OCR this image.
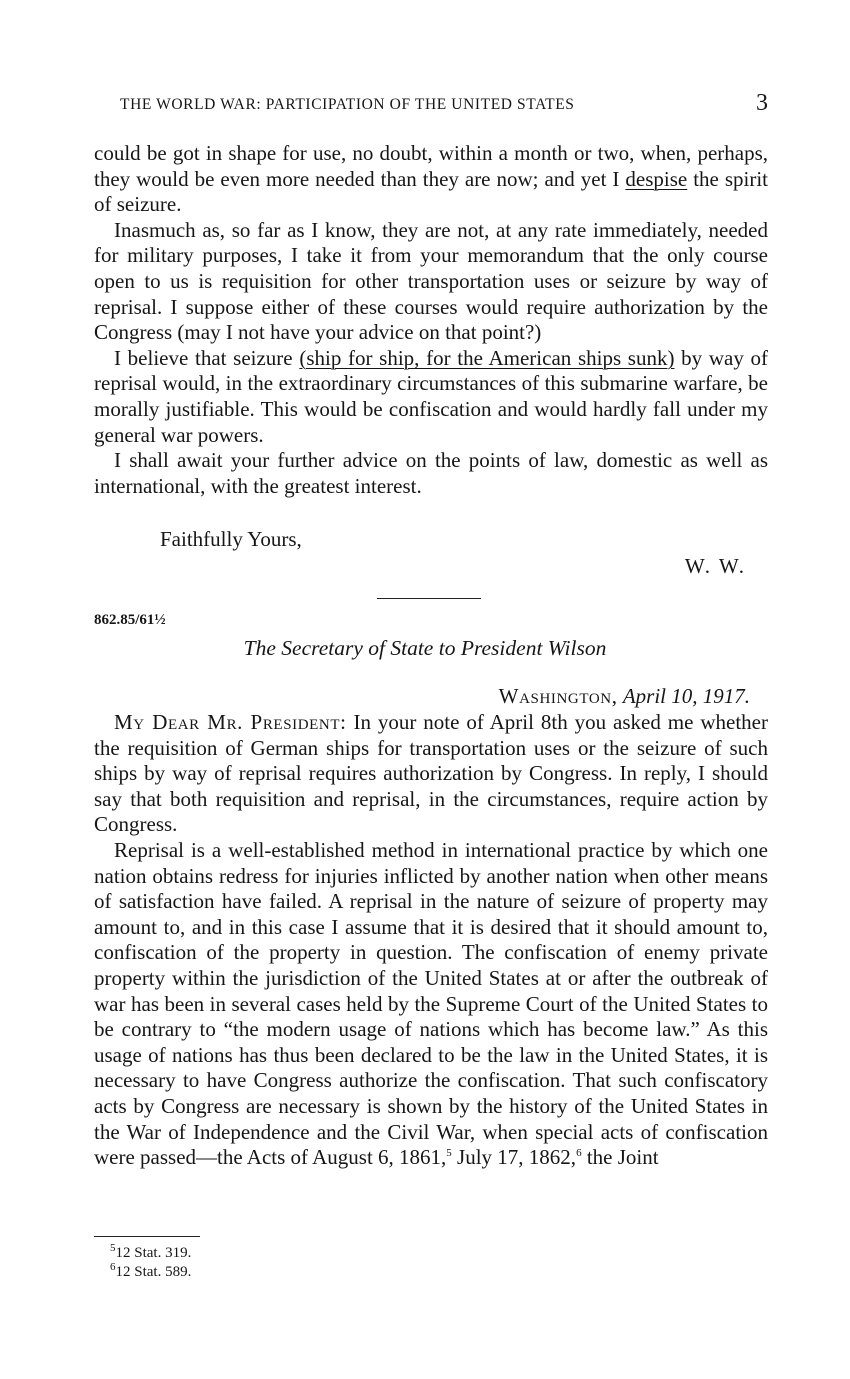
THE WORLD WAR: PARTICIPATION OF THE UNITED STATES	3

could be got in shape for use, no doubt, within a month or two, when, perhaps, they would be even more needed than they are now; and yet I despise the spirit of seizure.

Inasmuch as, so far as I know, they are not, at any rate immediately, needed for military purposes, I take it from your memorandum that the only course open to us is requisition for other transportation uses or seizure by way of reprisal. I suppose either of these courses would require authorization by the Congress (may I not have your advice on that point?)

I believe that seizure (ship for ship, for the American ships sunk) by way of reprisal would, in the extraordinary circumstances of this submarine warfare, be morally justifiable. This would be confiscation and would hardly fall under my general war powers.

I shall await your further advice on the points of law, domestic as well as international, with the greatest interest.

Faithfully Yours,
W. W.
862.85/61½
The Secretary of State to President Wilson
Washington, April 10, 1917.

My Dear Mr. President: In your note of April 8th you asked me whether the requisition of German ships for transportation uses or the seizure of such ships by way of reprisal requires authorization by Congress. In reply, I should say that both requisition and reprisal, in the circumstances, require action by Congress.

Reprisal is a well-established method in international practice by which one nation obtains redress for injuries inflicted by another nation when other means of satisfaction have failed. A reprisal in the nature of seizure of property may amount to, and in this case I assume that it is desired that it should amount to, confiscation of the property in question. The confiscation of enemy private property within the jurisdiction of the United States at or after the outbreak of war has been in several cases held by the Supreme Court of the United States to be contrary to “the modern usage of nations which has become law.” As this usage of nations has thus been declared to be the law in the United States, it is necessary to have Congress authorize the confiscation. That such confiscatory acts by Congress are necessary is shown by the history of the United States in the War of Independence and the Civil War, when special acts of confiscation were passed—the Acts of August 6, 1861,$^5$ July 17, 1862,$^6$ the Joint

$^5$12 Stat. 319.
$^6$12 Stat. 589.
